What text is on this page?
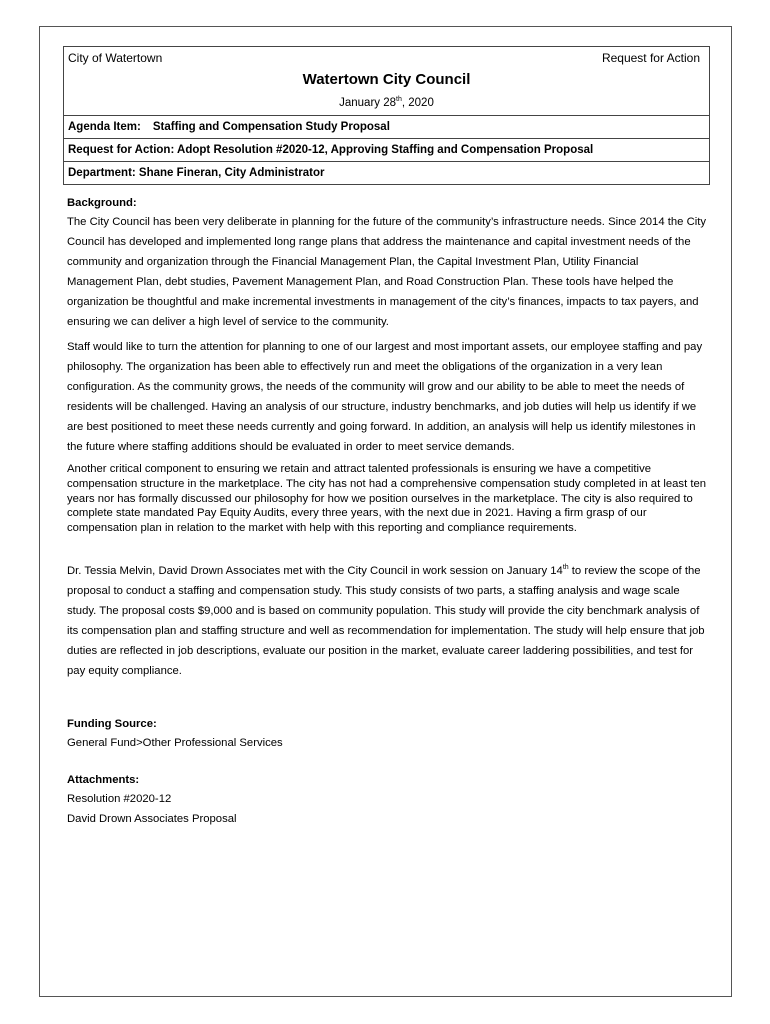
City of Watertown	Request for Action
Watertown City Council
January 28th, 2020
Agenda Item: Staffing and Compensation Study Proposal
Request for Action: Adopt Resolution #2020-12, Approving Staffing and Compensation Proposal
Department: Shane Fineran, City Administrator
Background:

The City Council has been very deliberate in planning for the future of the community’s infrastructure needs. Since 2014 the City Council has developed and implemented long range plans that address the maintenance and capital investment needs of the community and organization through the Financial Management Plan, the Capital Investment Plan, Utility Financial Management Plan, debt studies, Pavement Management Plan, and Road Construction Plan. These tools have helped the organization be thoughtful and make incremental investments in management of the city’s finances, impacts to tax payers, and ensuring we can deliver a high level of service to the community.

Staff would like to turn the attention for planning to one of our largest and most important assets, our employee staffing and pay philosophy. The organization has been able to effectively run and meet the obligations of the organization in a very lean configuration. As the community grows, the needs of the community will grow and our ability to be able to meet the needs of residents will be challenged. Having an analysis of our structure, industry benchmarks, and job duties will help us identify if we are best positioned to meet these needs currently and going forward. In addition, an analysis will help us identify milestones in the future where staffing additions should be evaluated in order to meet service demands.

Another critical component to ensuring we retain and attract talented professionals is ensuring we have a competitive compensation structure in the marketplace. The city has not had a comprehensive compensation study completed in at least ten years nor has formally discussed our philosophy for how we position ourselves in the marketplace. The city is also required to complete state mandated Pay Equity Audits, every three years, with the next due in 2021. Having a firm grasp of our compensation plan in relation to the market with help with this reporting and compliance requirements.

Dr. Tessia Melvin, David Drown Associates met with the City Council in work session on January 14th to review the scope of the proposal to conduct a staffing and compensation study. This study consists of two parts, a staffing analysis and wage scale study. The proposal costs $9,000 and is based on community population. This study will provide the city benchmark analysis of its compensation plan and staffing structure and well as recommendation for implementation. The study will help ensure that job duties are reflected in job descriptions, evaluate our position in the market, evaluate career laddering possibilities, and test for pay equity compliance.

Funding Source:
General Fund>Other Professional Services
Attachments:
Resolution #2020-12
David Drown Associates Proposal
